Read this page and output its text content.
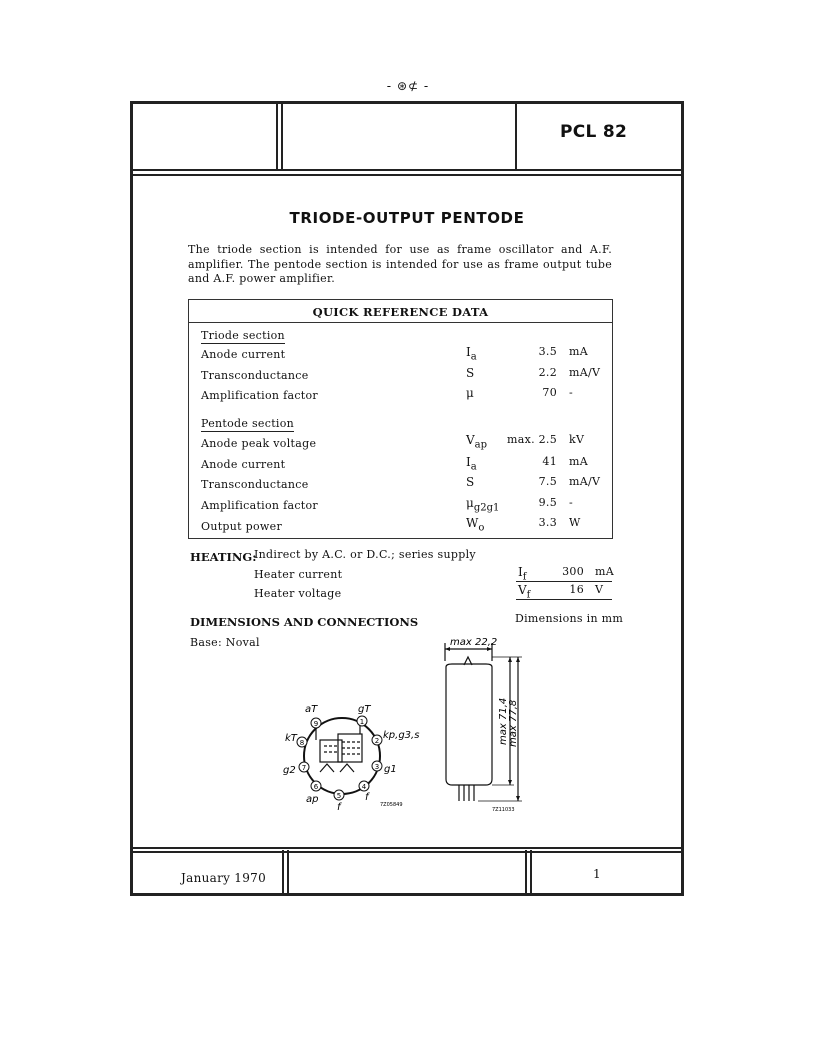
- ⊛⊄ -
PCL 82
January 1970	1
TRIODE-OUTPUT PENTODE
The triode section is intended for use as frame oscillator and A.F. amplifier. The pentode section is intended for use as frame output tube and A.F. power amplifier.
QUICK REFERENCE DATA
Triode section
Anode current	$I_a$	3.5 mA
Transconductance	S	2.2 mA/V
Amplification factor	μ	70 -
Pentode section
Anode peak voltage	$V_{ap}$ max. 2.5 kV
Anode current	$I_a$	41 mA
Transconductance	S	7.5 mA/V
Amplification factor	$\mu_{g2g1}$	9.5 -
Output power	$W_o$	3.3 W
HEATING:
Indirect by A.C. or D.C.; series supply
Heater current	$I_f$	300 mA
Heater voltage	$V_f$	16 V
DIMENSIONS AND CONNECTIONS	Dimensions in mm
Base: Noval
1
2
3
4
5
6
7
8
9
gT
aT
kT	kp,g3,s
g1
g2
ap
f
f
7Z05849
max 22,2
max 71,4 max 77,8
7Z11033
